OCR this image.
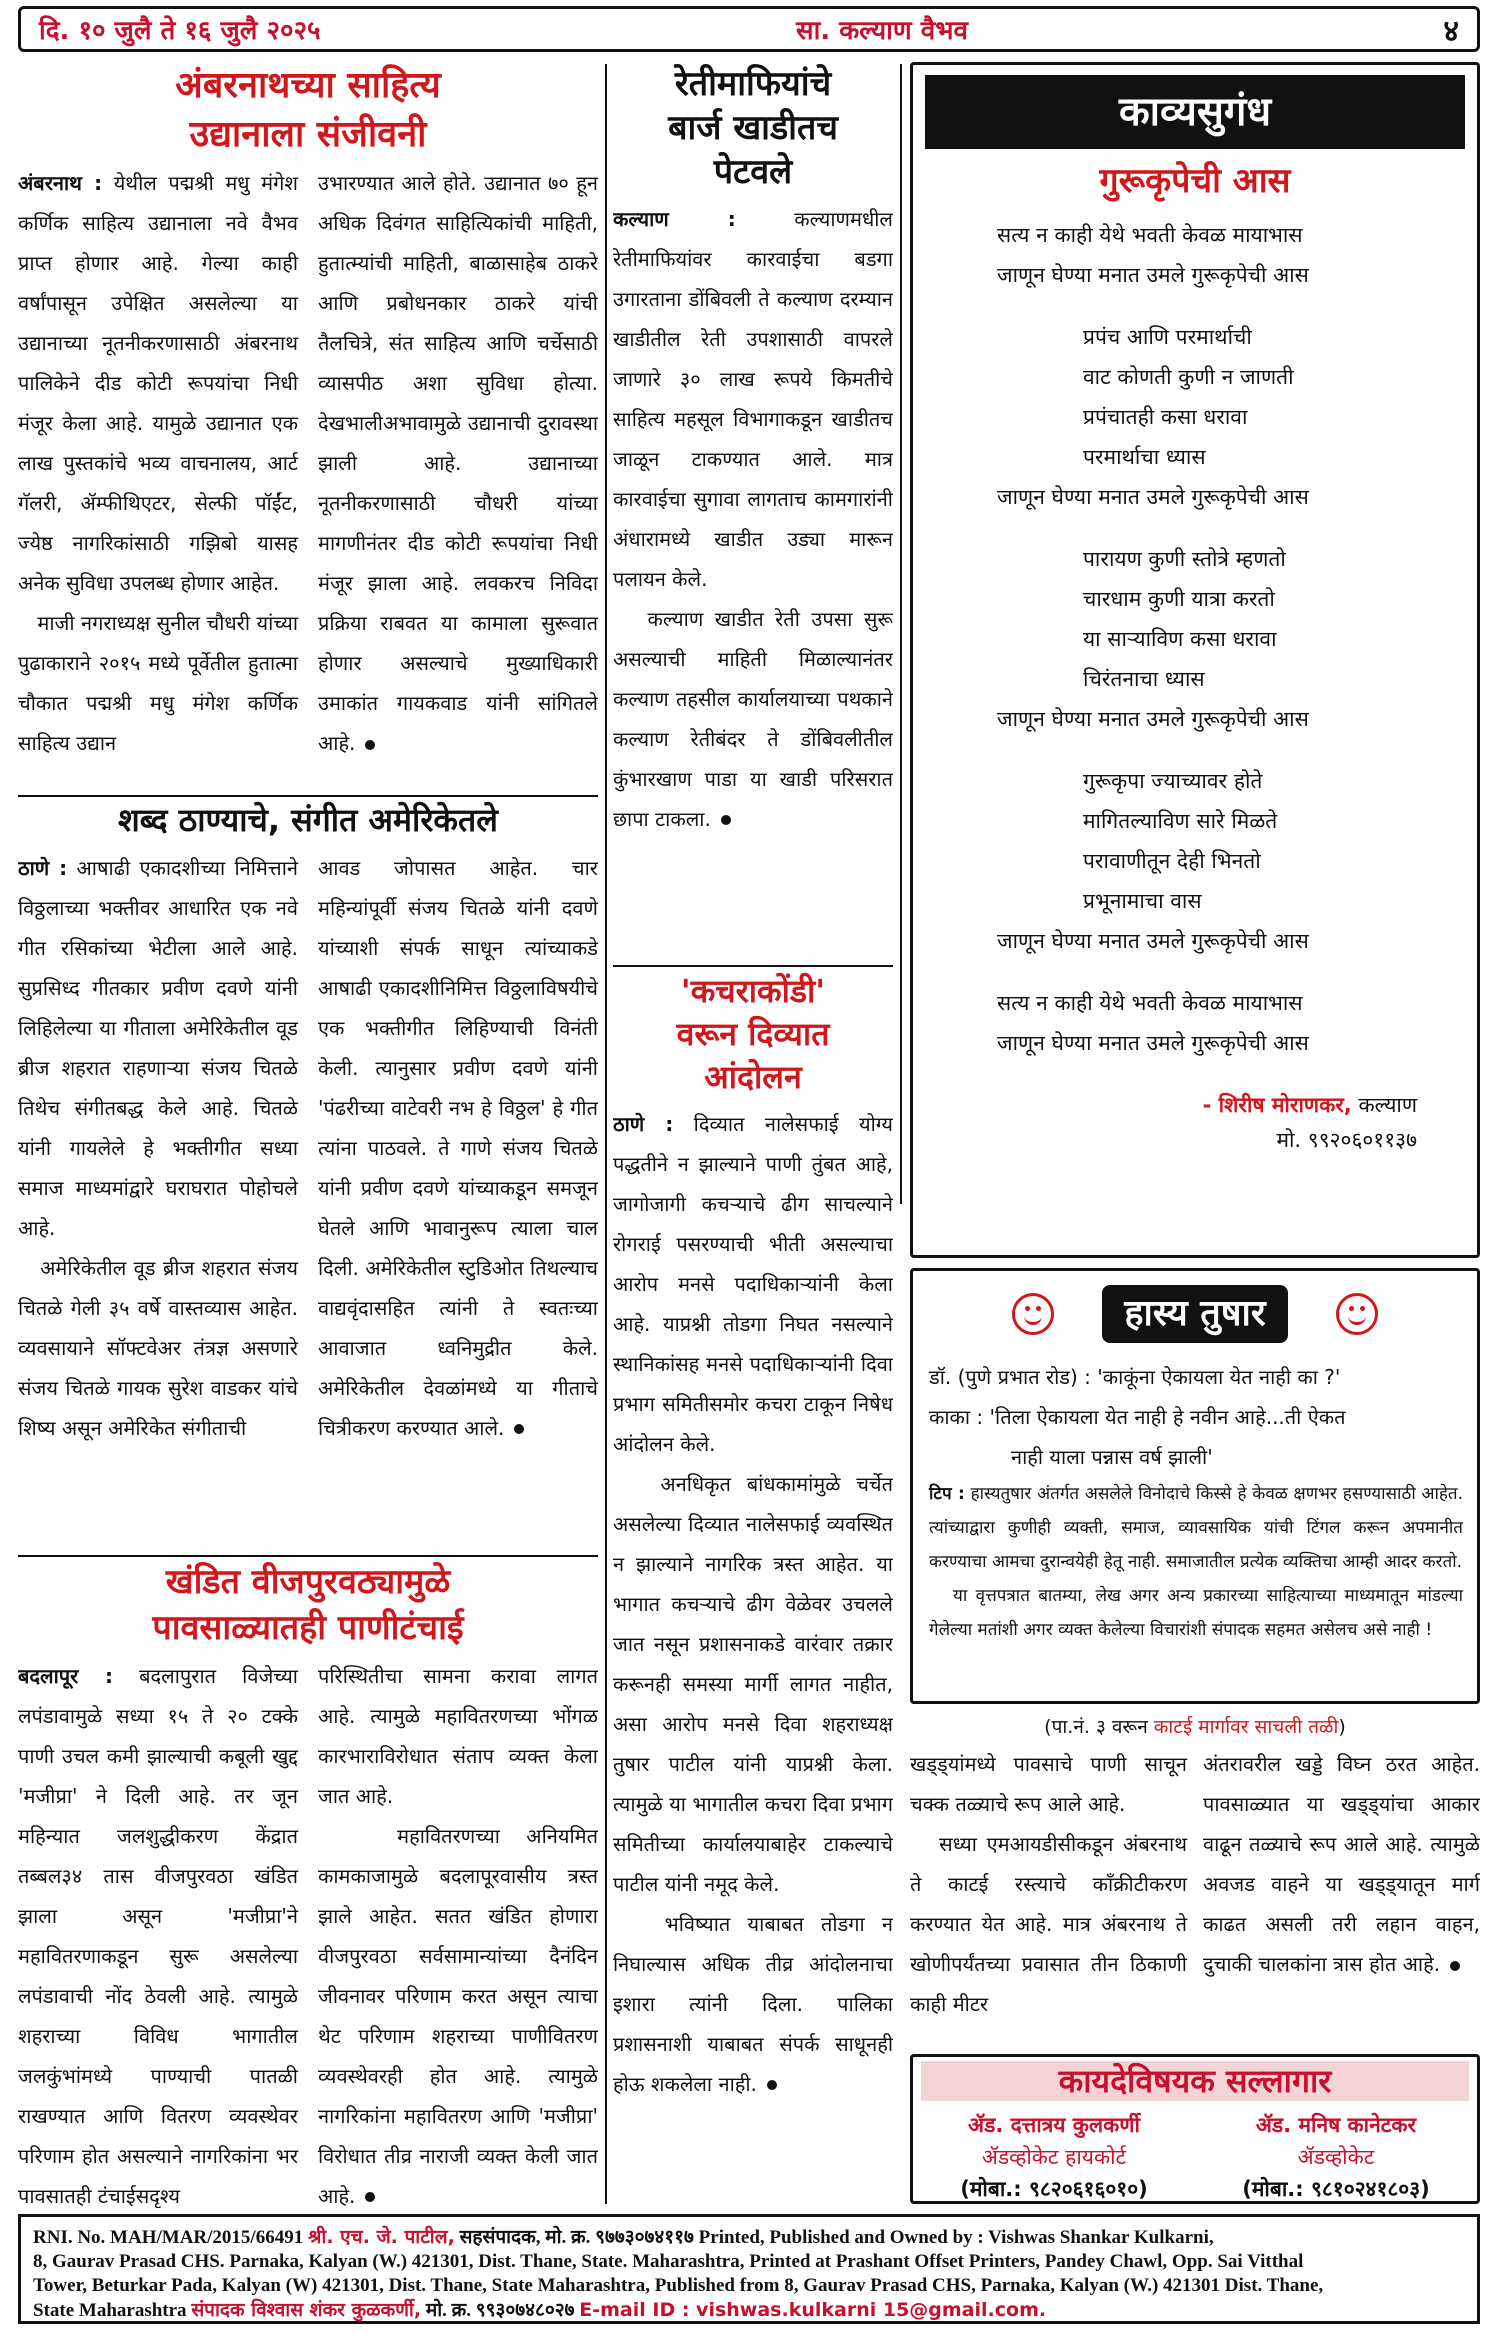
दि. १० जुलै ते १६ जुलै २०२५	सा. कल्याण वैभव	४
अंबरनाथच्या साहित्य
उद्यानाला संजीवनी

अंबरनाथ : येथील पद्मश्री मधु मंगेश कर्णिक साहित्य उद्यानाला नवे वैभव प्राप्त होणार आहे. गेल्या काही वर्षांपासून उपेक्षित असलेल्या या उद्यानाच्या नूतनीकरणासाठी अंबरनाथ पालिकेने दीड कोटी रूपयांचा निधी मंजूर केला आहे. यामुळे उद्यानात एक लाख पुस्तकांचे भव्य वाचनालय, आर्ट गॅलरी, ॲम्फीथिएटर, सेल्फी पॉईंट, ज्येष्ठ नागरिकांसाठी गझिबो यासह अनेक सुविधा उपलब्ध होणार आहेत.

माजी नगराध्यक्ष सुनील चौधरी यांच्या पुढाकाराने २०१५ मध्ये पूर्वेतील हुतात्मा चौकात पद्मश्री मधु मंगेश कर्णिक साहित्य उद्यान

उभारण्यात आले होते. उद्यानात ७० हून अधिक दिवंगत साहित्यिकांची माहिती, हुतात्म्यांची माहिती, बाळासाहेब ठाकरे आणि प्रबोधनकार ठाकरे यांची तैलचित्रे, संत साहित्य आणि चर्चेसाठी व्यासपीठ अशा सुविधा होत्या. देखभालीअभावामुळे उद्यानाची दुरावस्था झाली आहे. उद्यानाच्या नूतनीकरणासाठी चौधरी यांच्या मागणीनंतर दीड कोटी रूपयांचा निधी मंजूर झाला आहे. लवकरच निविदा प्रक्रिया राबवत या कामाला सुरूवात होणार असल्याचे मुख्याधिकारी उमाकांत गायकवाड यांनी सांगितले आहे.

शब्द ठाण्याचे, संगीत अमेरिकेतले

ठाणे : आषाढी एकादशीच्या निमित्ताने विठ्ठलाच्या भक्तीवर आधारित एक नवे गीत रसिकांच्या भेटीला आले आहे. सुप्रसिध्द गीतकार प्रवीण दवणे यांनी लिहिलेल्या या गीताला अमेरिकेतील वूड ब्रीज शहरात राहणाऱ्या संजय चितळे तिथेच संगीतबद्ध केले आहे. चितळे यांनी गायलेले हे भक्तीगीत सध्या समाज माध्यमांद्वारे घराघरात पोहोचले आहे.

अमेरिकेतील वूड ब्रीज शहरात संजय चितळे गेली ३५ वर्षे वास्तव्यास आहेत. व्यवसायाने सॉफ्टवेअर तंत्रज्ञ असणारे संजय चितळे गायक सुरेश वाडकर यांचे शिष्य असून अमेरिकेत संगीताची

आवड जोपासत आहेत. चार महिन्यांपूर्वी संजय चितळे यांनी दवणे यांच्याशी संपर्क साधून त्यांच्याकडे आषाढी एकादशीनिमित्त विठ्ठलाविषयीचे एक भक्तीगीत लिहिण्याची विनंती केली. त्यानुसार प्रवीण दवणे यांनी 'पंढरीच्या वाटेवरी नभ हे विठ्ठल' हे गीत त्यांना पाठवले. ते गाणे संजय चितळे यांनी प्रवीण दवणे यांच्याकडून समजून घेतले आणि भावानुरूप त्याला चाल दिली. अमेरिकेतील स्टुडिओत तिथल्याच वाद्यवृंदासहित त्यांनी ते स्वतःच्या आवाजात ध्वनिमुद्रीत केले. अमेरिकेतील देवळांमध्ये या गीताचे चित्रीकरण करण्यात आले.

खंडित वीजपुरवठ्यामुळे
पावसाळ्यातही पाणीटंचाई

बदलापूर : बदलापुरात विजेच्या लपंडावामुळे सध्या १५ ते २० टक्के पाणी उचल कमी झाल्याची कबूली खुद्द 'मजीप्रा' ने दिली आहे. तर जून महिन्यात जलशुद्धीकरण केंद्रात तब्बल३४ तास वीजपुरवठा खंडित झाला असून 'मजीप्रा'ने महावितरणाकडून सुरू असलेल्या लपंडावाची नोंद ठेवली आहे. त्यामुळे शहराच्या विविध भागातील जलकुंभांमध्ये पाण्याची पातळी राखण्यात आणि वितरण व्यवस्थेवर परिणाम होत असल्याने नागरिकांना भर पावसातही टंचाईसदृश्य

परिस्थितीचा सामना करावा लागत आहे. त्यामुळे महावितरणच्या भोंगळ कारभाराविरोधात संताप व्यक्त केला जात आहे.

महावितरणच्या अनियमित कामकाजामुळे बदलापूरवासीय त्रस्त झाले आहेत. सतत खंडित होणारा वीजपुरवठा सर्वसामान्यांच्या दैनंदिन जीवनावर परिणाम करत असून त्याचा थेट परिणाम शहराच्या पाणीवितरण व्यवस्थेवरही होत आहे. त्यामुळे नागरिकांना महावितरण आणि 'मजीप्रा' विरोधात तीव्र नाराजी व्यक्त केली जात आहे.

रेतीमाफियांचे
बार्ज खाडीतच
पेटवले

कल्याण :	कल्याणमधील रेतीमाफियांवर कारवाईचा बडगा उगारताना डोंबिवली ते कल्याण दरम्यान खाडीतील रेती उपशासाठी वापरले जाणारे ३० लाख रूपये किमतीचे साहित्य महसूल विभागाकडून खाडीतच जाळून टाकण्यात आले. मात्र कारवाईचा सुगावा लागताच कामगारांनी अंधारामध्ये खाडीत उड्या मारून पलायन केले.

कल्याण खाडीत रेती उपसा सुरू असल्याची माहिती मिळाल्यानंतर कल्याण तहसील कार्यालयाच्या पथकाने कल्याण रेतीबंदर ते डोंबिवलीतील कुंभारखाण पाडा या खाडी परिसरात छापा टाकला.

'कचराकोंडी'
वरून दिव्यात
आंदोलन

ठाणे : दिव्यात नालेसफाई योग्य पद्धतीने न झाल्याने पाणी तुंबत आहे, जागोजागी कचऱ्याचे ढीग साचल्याने रोगराई पसरण्याची भीती असल्याचा आरोप मनसे पदाधिकाऱ्यांनी केला आहे. याप्रश्नी तोडगा निघत नसल्याने स्थानिकांसह मनसे पदाधिकाऱ्यांनी दिवा प्रभाग समितीसमोर कचरा टाकून निषेध आंदोलन केले.

अनधिकृत बांधकामांमुळे चर्चेत असलेल्या दिव्यात नालेसफाई व्यवस्थित न झाल्याने नागरिक त्रस्त आहेत. या भागात कचऱ्याचे ढीग वेळेवर उचलले जात नसून प्रशासनाकडे वारंवार तक्रार करूनही समस्या मार्गी लागत नाहीत, असा आरोप मनसे दिवा शहराध्यक्ष तुषार पाटील यांनी याप्रश्नी केला. त्यामुळे या भागातील कचरा दिवा प्रभाग समितीच्या कार्यालयाबाहेर टाकल्याचे पाटील यांनी नमूद केले.

भविष्यात याबाबत तोडगा न निघाल्यास अधिक तीव्र आंदोलनाचा इशारा त्यांनी दिला. पालिका प्रशासनाशी याबाबत संपर्क साधूनही होऊ शकलेला नाही.

काव्यसुगंध
गुरूकृपेची आस
सत्य न काही येथे भवती केवळ मायाभास
जाणून घेण्या मनात उमले गुरूकृपेची आस
प्रपंच आणि परमार्थाची
वाट कोणती कुणी न जाणती
प्रपंचातही कसा धरावा
परमार्थाचा ध्यास
जाणून घेण्या मनात उमले गुरूकृपेची आस
पारायण कुणी स्तोत्रे म्हणतो
चारधाम कुणी यात्रा करतो
या साऱ्याविण कसा धरावा
चिरंतनाचा ध्यास
जाणून घेण्या मनात उमले गुरूकृपेची आस
गुरूकृपा ज्याच्यावर होते
मागितल्याविण सारे मिळते
परावाणीतून देही भिनतो
प्रभूनामाचा वास
जाणून घेण्या मनात उमले गुरूकृपेची आस
सत्य न काही येथे भवती केवळ मायाभास
जाणून घेण्या मनात उमले गुरूकृपेची आस
- शिरीष मोराणकर, कल्याण
मो. ९९२०६०११३७
हास्य तुषार
डॉ. (पुणे प्रभात रोड) : 'काकूंना ऐकायला येत नाही का ?'
काका : 'तिला ऐकायला येत नाही हे नवीन आहे...ती ऐकत
नाही याला पन्नास वर्ष झाली'
टिप : हास्यतुषार अंतर्गत असलेले विनोदाचे किस्से हे केवळ क्षणभर हसण्यासाठी आहेत. त्यांच्याद्वारा कुणीही व्यक्ती, समाज, व्यावसायिक यांची टिंगल करून अपमानीत करण्याचा आमचा दुरान्वयेही हेतू नाही. समाजातील प्रत्येक व्यक्तिचा आम्ही आदर करतो.
या वृत्तपत्रात बातम्या, लेख अगर अन्य प्रकारच्या साहित्याच्या माध्यमातून मांडल्या गेलेल्या मतांशी अगर व्यक्त केलेल्या विचारांशी संपादक सहमत असेलच असे नाही !
(पा.नं. ३ वरून काटई मार्गावर साचली तळी)

खड्ड्यांमध्ये पावसाचे पाणी साचून चक्क तळ्याचे रूप आले आहे.

सध्या एमआयडीसीकडून अंबरनाथ ते काटई रस्त्याचे काँक्रीटीकरण करण्यात येत आहे. मात्र अंबरनाथ ते खोणीपर्यंतच्या प्रवासात तीन ठिकाणी काही मीटर

अंतरावरील खड्डे विघ्न ठरत आहेत. पावसाळ्यात या खड्ड्यांचा आकार वाढून तळ्याचे रूप आले आहे. त्यामुळे अवजड वाहने या खड्ड्यातून मार्ग काढत असली तरी लहान वाहन, दुचाकी चालकांना त्रास होत आहे.

कायदेविषयक सल्लागार
ॲड. दत्तात्रय कुलकर्णी
ॲडव्होकेट हायकोर्ट
(मोबा.: ९८२०६१६०१०)
ॲड. मनिष कानेटकर
ॲडव्होकेट
(मोबा.: ९८१०२४१८०३)
RNI. No. MAH/MAR/2015/66491 श्री. एच. जे. पाटील, सहसंपादक, मो. क्र. ९७७३०७४११७ Printed, Published and Owned by : Vishwas Shankar Kulkarni,
8, Gaurav Prasad CHS. Parnaka, Kalyan (W.) 421301, Dist. Thane, State. Maharashtra, Printed at Prashant Offset Printers, Pandey Chawl, Opp. Sai Vitthal
Tower, Beturkar Pada, Kalyan (W) 421301, Dist. Thane, State Maharashtra, Published from 8, Gaurav Prasad CHS, Parnaka, Kalyan (W.) 421301 Dist. Thane,
State Maharashtra संपादक विश्वास शंकर कुळकर्णी, मो. क्र. ९९३०७४८०२७ E-mail ID : vishwas.kulkarni 15@gmail.com.
